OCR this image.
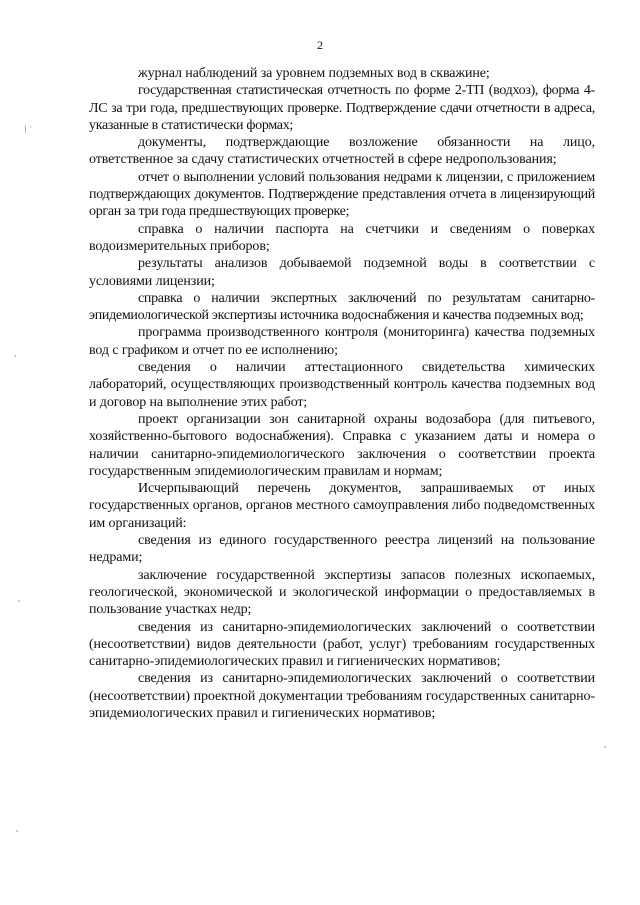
/ ·
2

журнал наблюдений за уровнем подземных вод в скважине;

государственная статистическая отчетность по форме 2-ТП (водхоз), форма 4-ЛС за три года, предшествующих проверке. Подтверждение сдачи отчетности в адреса, указанные в статистически формах;

документы, подтверждающие возложение обязанности на лицо, ответственное за сдачу статистических отчетностей в сфере недропользования;

отчет о выполнении условий пользования недрами к лицензии, с приложением подтверждающих документов. Подтверждение представления отчета в лицензирующий орган за три года предшествующих проверке;

справка о наличии паспорта на счетчики и сведениям о поверках водоизмерительных приборов;

результаты анализов добываемой подземной воды в соответствии с условиями лицензии;

справка о наличии экспертных заключений по результатам санитарно-эпидемиологической экспертизы источника водоснабжения и качества подземных вод;

программа производственного контроля (мониторинга) качества подземных вод с графиком и отчет по ее исполнению;

сведения о наличии аттестационного свидетельства химических лабораторий, осуществляющих производственный контроль качества подземных вод и договор на выполнение этих работ;

проект организации зон санитарной охраны водозабора (для питьевого, хозяйственно-бытового водоснабжения). Справка с указанием даты и номера о наличии санитарно-эпидемиологического заключения о соответствии проекта государственным эпидемиологическим правилам и нормам;

Исчерпывающий перечень документов, запрашиваемых от иных государственных органов, органов местного самоуправления либо подведомственных им организаций:

сведения из единого государственного реестра лицензий на пользование недрами;

заключение государственной экспертизы запасов полезных ископаемых, геологической, экономической и экологической информации о предоставляемых в пользование участках недр;

сведения из санитарно-эпидемиологических заключений о соответствии (несоответствии) видов деятельности (работ, услуг) требованиям государственных санитарно-эпидемиологических правил и гигиенических нормативов;

сведения из санитарно-эпидемиологических заключений о соответствии (несоответствии) проектной документации требованиям государственных санитарно-эпидемиологических правил и гигиенических нормативов;
